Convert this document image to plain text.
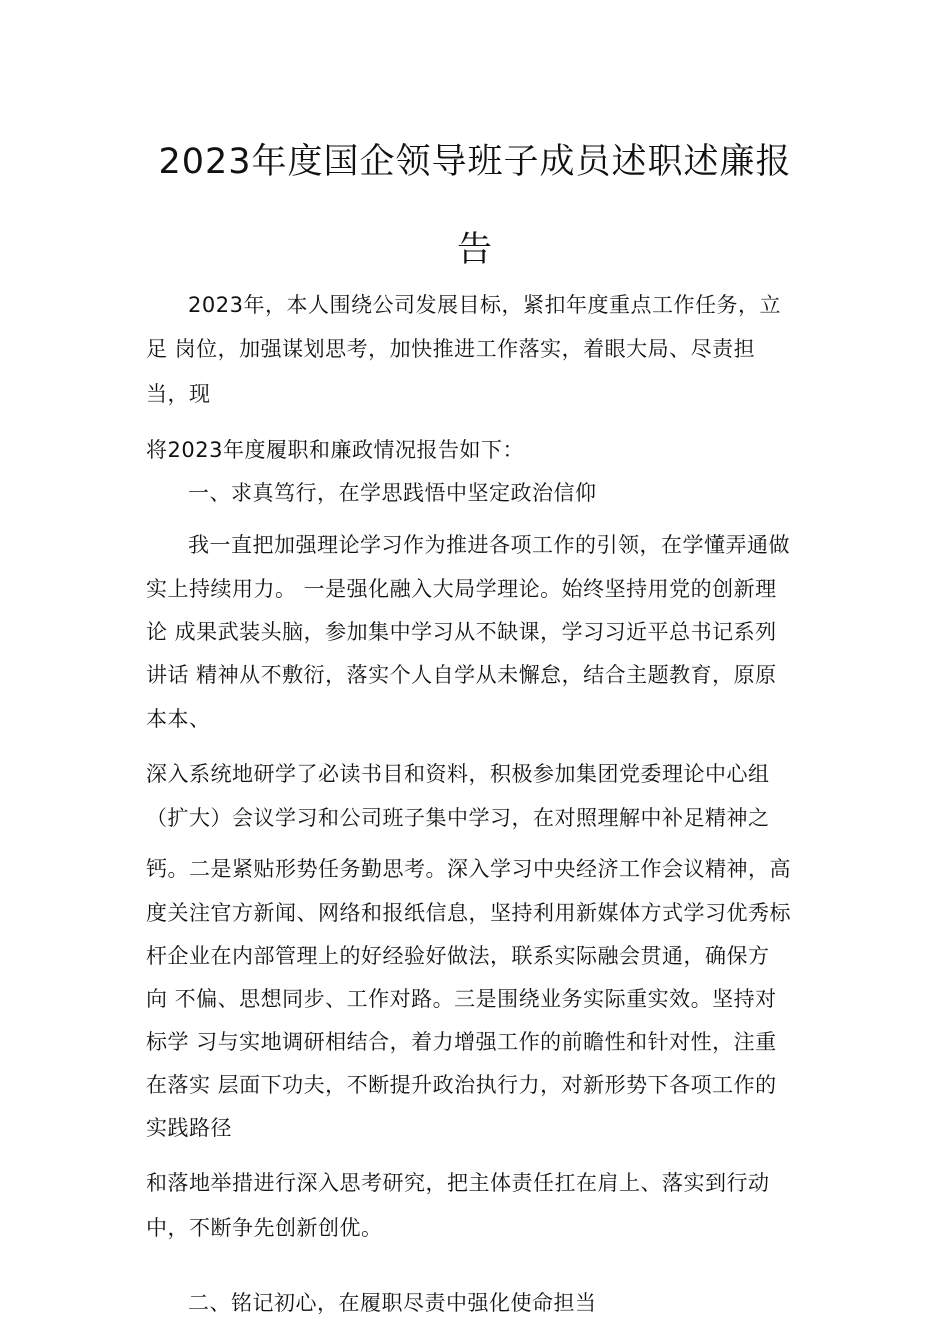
2023年度国企领导班子成员述职述廉报
告
2023年，本人围绕公司发展目标，紧扣年度重点工作任务，立
足 岗位，加强谋划思考，加快推进工作落实，着眼大局、尽责担
当，现
将2023年度履职和廉政情况报告如下：
一、求真笃行，在学思践悟中坚定政治信仰
我一直把加强理论学习作为推进各项工作的引领，在学懂弄通做
实上持续用力。 一是强化融入大局学理论。始终坚持用党的创新理
论 成果武装头脑，参加集中学习从不缺课，学习习近平总书记系列
讲话 精神从不敷衍，落实个人自学从未懈怠，结合主题教育，原原
本本、
深入系统地研学了必读书目和资料，积极参加集团党委理论中心组
（扩大）会议学习和公司班子集中学习，在对照理解中补足精神之
钙。二是紧贴形势任务勤思考。深入学习中央经济工作会议精神，高
度关注官方新闻、网络和报纸信息，坚持利用新媒体方式学习优秀标
杆企业在内部管理上的好经验好做法，联系实际融会贯通，确保方
向 不偏、思想同步、工作对路。三是围绕业务实际重实效。坚持对
标学 习与实地调研相结合，着力增强工作的前瞻性和针对性，注重
在落实 层面下功夫，不断提升政治执行力，对新形势下各项工作的
实践路径
和落地举措进行深入思考研究，把主体责任扛在肩上、落实到行动
中，不断争先创新创优。
二、铭记初心，在履职尽责中强化使命担当
